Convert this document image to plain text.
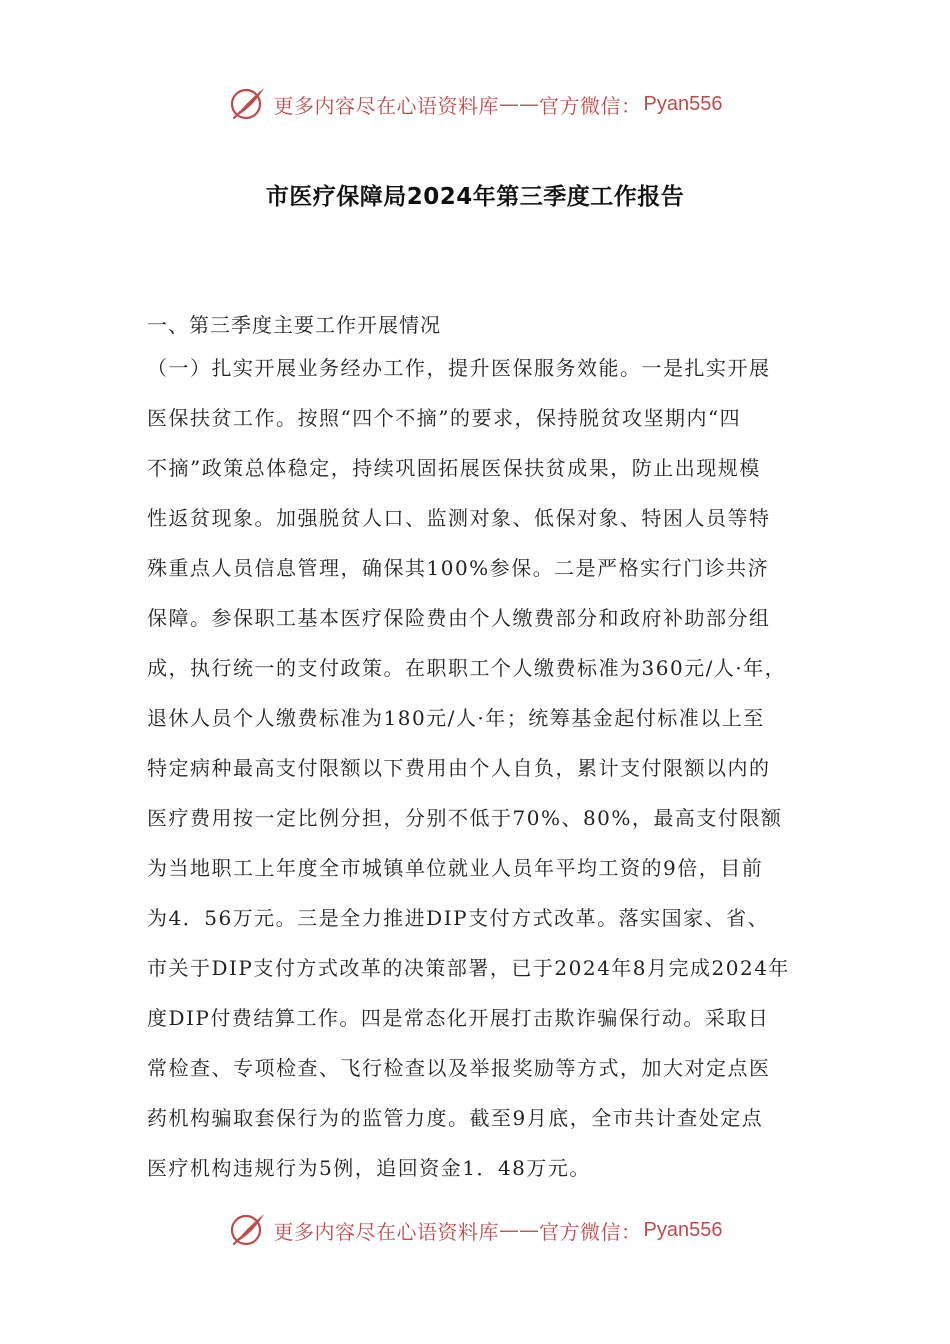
更多内容尽在心语资料库 —— 官方微信： Pyan556
市医疗保障局2024年第三季度工作报告
一、第三季度主要工作开展情况
（一）扎实开展业务经办工作，提升医保服务效能。一是扎实开展
医保扶贫工作。按照“四个不摘”的要求，保持脱贫攻坚期内“四
不摘”政策总体稳定，持续巩固拓展医保扶贫成果，防止出现规模
性返贫现象。加强脱贫人口、监测对象、低保对象、特困人员等特
殊重点人员信息管理，确保其100%参保。二是严格实行门诊共济
保障。参保职工基本医疗保险费由个人缴费部分和政府补助部分组
成，执行统一的支付政策。在职职工个人缴费标准为360元/人·年，
退休人员个人缴费标准为180元/人·年；统筹基金起付标准以上至
特定病种最高支付限额以下费用由个人自负，累计支付限额以内的
医疗费用按一定比例分担，分别不低于70%、80%，最高支付限额
为当地职工上年度全市城镇单位就业人员年平均工资的9倍，目前
为4．56万元。三是全力推进DIP支付方式改革。落实国家、省、
市关于DIP支付方式改革的决策部署，已于2024年8月完成2024年
度DIP付费结算工作。四是常态化开展打击欺诈骗保行动。采取日
常检查、专项检查、飞行检查以及举报奖励等方式，加大对定点医
药机构骗取套保行为的监管力度。截至9月底，全市共计查处定点
医疗机构违规行为5例，追回资金1．48万元。
更多内容尽在心语资料库 —— 官方微信： Pyan556
